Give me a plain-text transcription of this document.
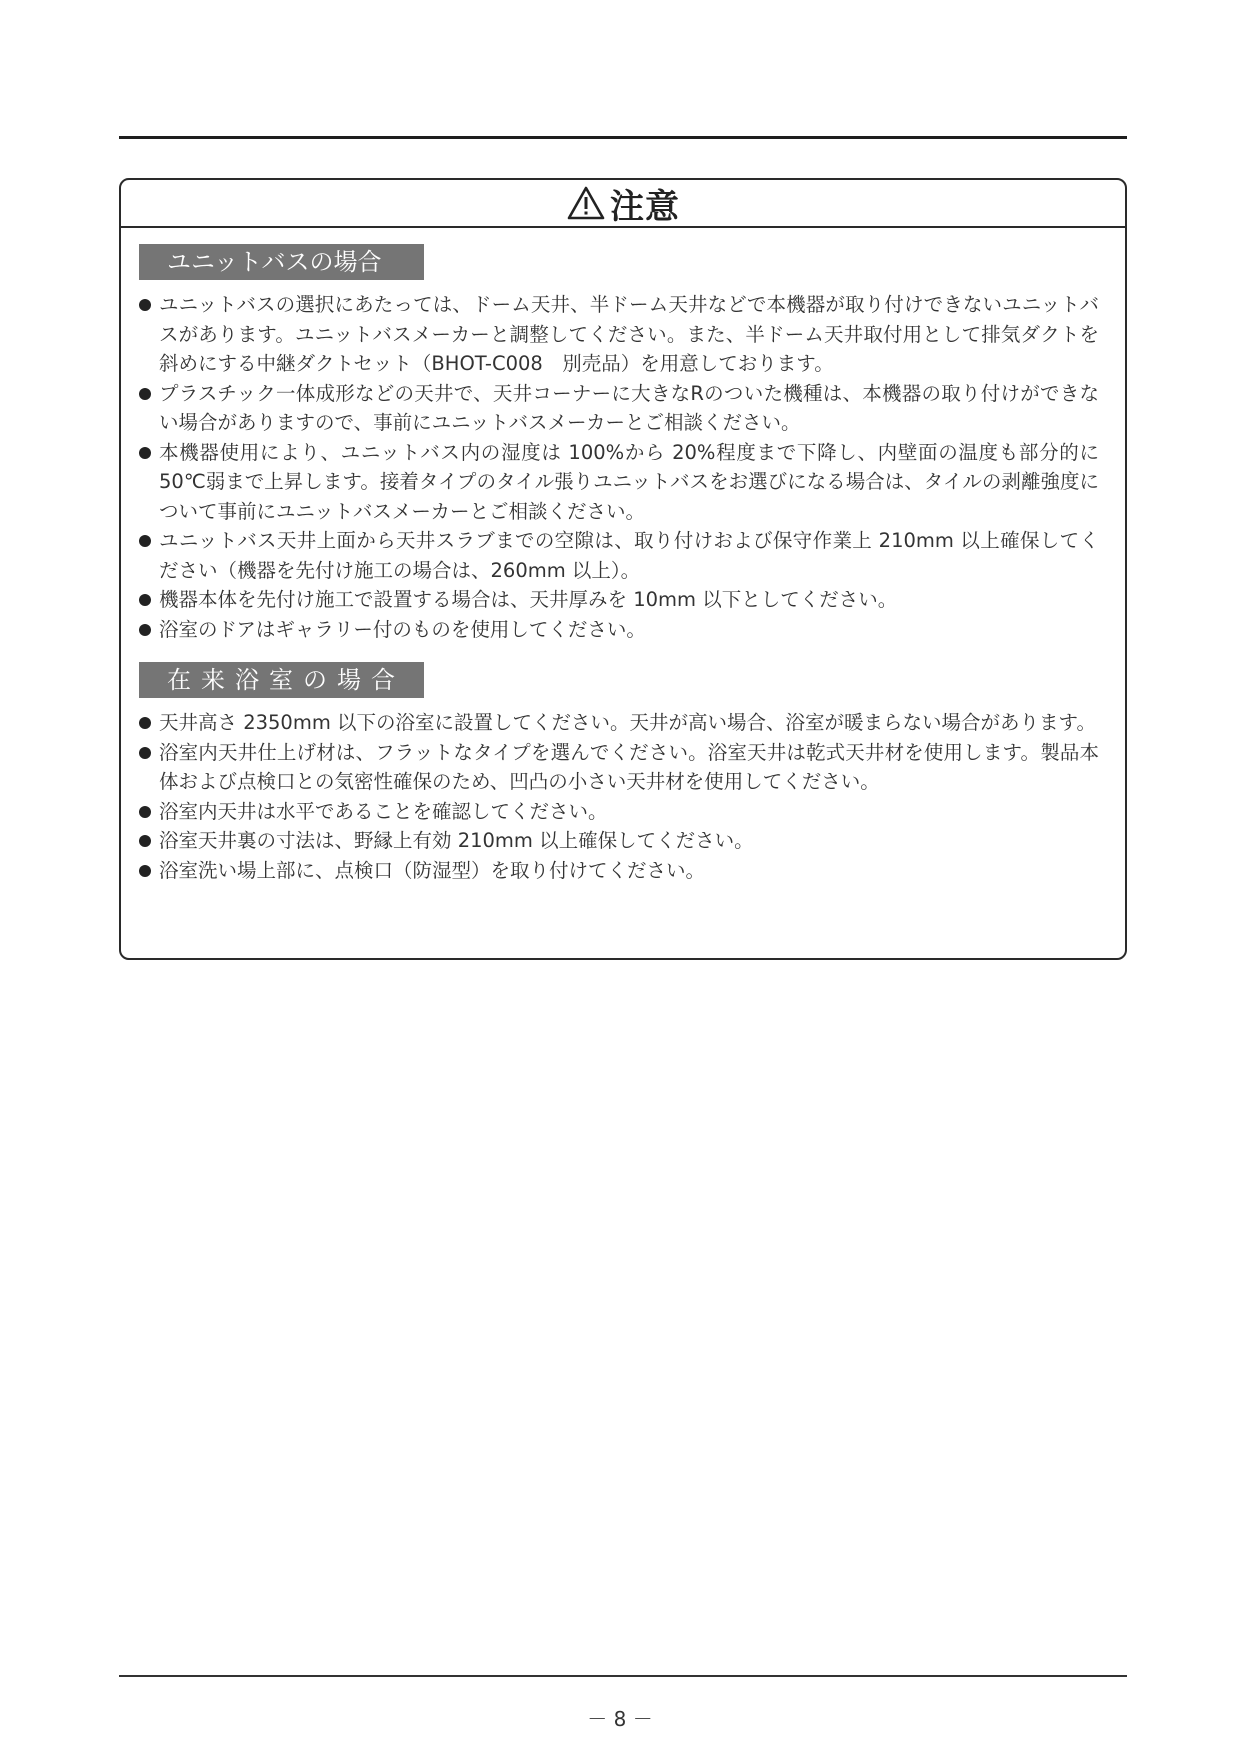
注意
ユニットバスの場合
ユニットバスの選択にあたっては、ドーム天井、半ドーム天井などで本機器が取り付けできないユニットバスがあります。ユニットバスメーカーと調整してください。また、半ドーム天井取付用として排気ダクトを斜めにする中継ダクトセット（BHOT-C008　別売品）を用意しております。
プラスチック一体成形などの天井で、天井コーナーに大きなRのついた機種は、本機器の取り付けができない場合がありますので、事前にユニットバスメーカーとご相談ください。
本機器使用により、ユニットバス内の湿度は 100%から 20%程度まで下降し、内壁面の温度も部分的に 50℃弱まで上昇します。接着タイプのタイル張りユニットバスをお選びになる場合は、タイルの剥離強度について事前にユニットバスメーカーとご相談ください。
ユニットバス天井上面から天井スラブまでの空隙は、取り付けおよび保守作業上 210mm 以上確保してください（機器を先付け施工の場合は、260mm 以上）。
機器本体を先付け施工で設置する場合は、天井厚みを 10mm 以下としてください。
浴室のドアはギャラリー付のものを使用してください。
在来浴室の場合
天井高さ 2350mm 以下の浴室に設置してください。天井が高い場合、浴室が暖まらない場合があります。
浴室内天井仕上げ材は、フラットなタイプを選んでください。浴室天井は乾式天井材を使用します。製品本体および点検口との気密性確保のため、凹凸の小さい天井材を使用してください。
浴室内天井は水平であることを確認してください。
浴室天井裏の寸法は、野縁上有効 210mm 以上確保してください。
浴室洗い場上部に、点検口（防湿型）を取り付けてください。
－ 8 －
